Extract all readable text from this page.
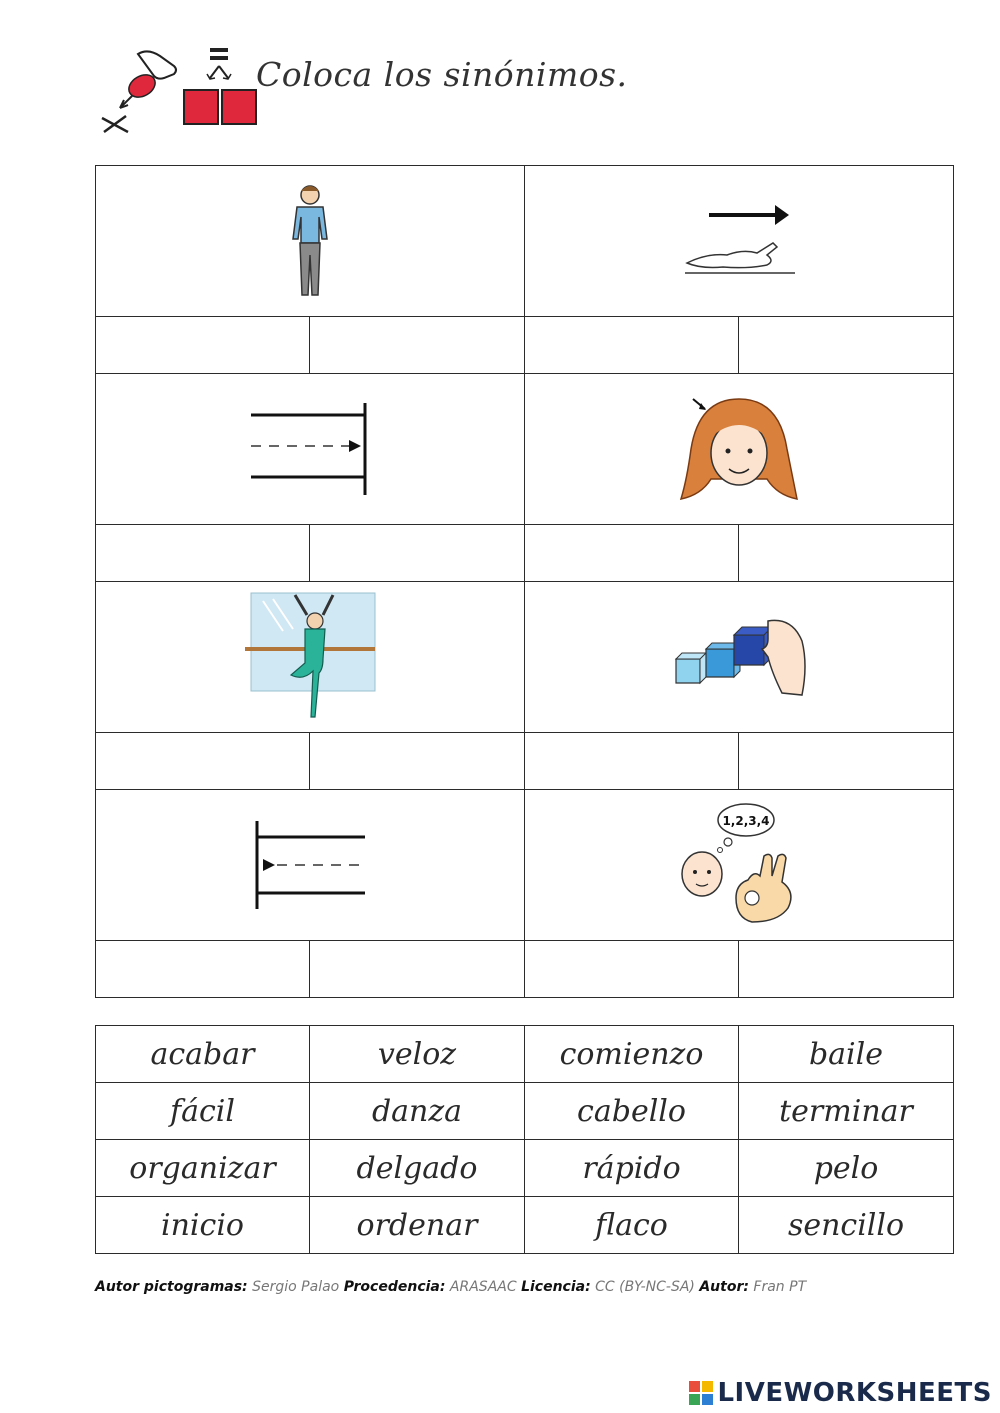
Coloca los sinónimos.

1,2,3,4	

acabar	veloz	comienzo	baile
fácil	danza	cabello	terminar
organizar	delgado	rápido	pelo
inicio	ordenar	flaco	sencillo
Autor pictogramas: Sergio Palao Procedencia: ARASAAC Licencia: CC (BY-NC-SA) Autor: Fran PT
LIVEWORKSHEETS
